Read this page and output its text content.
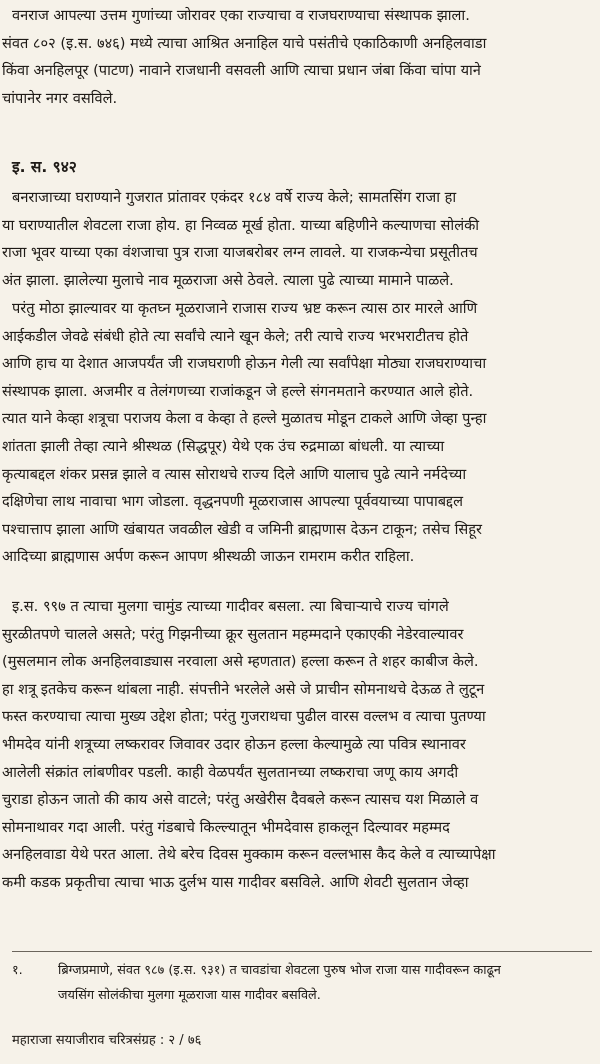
वनराज आपल्या उत्तम गुणांच्या जोरावर एका राज्याचा व राजघराण्याचा संस्थापक झाला.
संवत ८०२ (इ.स. ७४६) मध्ये त्याचा आश्रित अनाहिल याचे पसंतीचे एकाठिकाणी अनहिलवाडा
किंवा अनहिलपूर (पाटण) नावाने राजधानी वसवली आणि त्याचा प्रधान जंबा किंवा चांपा याने
चांपानेर नगर वसविले.
इ. स. ९४२
बनराजाच्या घराण्याने गुजरात प्रांतावर एकंदर १८४ वर्षे राज्य केले; सामतसिंग राजा हा
या घराण्यातील शेवटला राजा होय. हा निव्वळ मूर्ख होता. याच्या बहिणीने कल्याणचा सोलंकी
राजा भूवर याच्या एका वंशजाचा पुत्र राजा याजबरोबर लग्न लावले. या राजकन्येचा प्रसूतीतच
अंत झाला. झालेल्या मुलाचे नाव मूळराजा असे ठेवले. त्याला पुढे त्याच्या मामाने पाळले.
परंतु मोठा झाल्यावर या कृतघ्न मूळराजाने राजास राज्य भ्रष्ट करून त्यास ठार मारले आणि
आईकडील जेवढे संबंधी होते त्या सर्वांचे त्याने खून केले; तरी त्याचे राज्य भरभराटीतच होते
आणि हाच या देशात आजपर्यंत जी राजघराणी होऊन गेली त्या सर्वांपेक्षा मोठ्या राजघराण्याचा
संस्थापक झाला. अजमीर व तेलंगणच्या राजांकडून जे हल्ले संगनमताने करण्यात आले होते.
त्यात याने केव्हा शत्रूचा पराजय केला व केव्हा ते हल्ले मुळातच मोडून टाकले आणि जेव्हा पुन्हा
शांतता झाली तेव्हा त्याने श्रीस्थळ (सिद्धपूर) येथे एक उंच रुद्रमाळा बांधली. या त्याच्या
कृत्याबद्दल शंकर प्रसन्न झाले व त्यास सोराथचे राज्य दिले आणि यालाच पुढे त्याने नर्मदेच्या
दक्षिणेचा लाथ नावाचा भाग जोडला. वृद्धनपणी मूळराजास आपल्या पूर्ववयाच्या पापाबद्दल
पश्चात्ताप झाला आणि खंबायत जवळील खेडी व जमिनी ब्राह्मणास देऊन टाकून; तसेच सिहूर
आदिच्या ब्राह्मणास अर्पण करून आपण श्रीस्थळी जाऊन रामराम करीत राहिला.
इ.स. ९९७ त त्याचा मुलगा चामुंड त्याच्या गादीवर बसला. त्या बिचाऱ्याचे राज्य चांगले
सुरळीतपणे चालले असते; परंतु गिझनीच्या क्रूर सुलतान महम्मदाने एकाएकी नेडेरवाल्यावर
(मुसलमान लोक अनहिलवाड्यास नरवाला असे म्हणतात) हल्ला करून ते शहर काबीज केले.
हा शत्रू इतकेच करून थांबला नाही. संपत्तीने भरलेले असे जे प्राचीन सोमनाथचे देऊळ ते लुटून
फस्त करण्याचा त्याचा मुख्य उद्देश होता; परंतु गुजराथचा पुढील वारस वल्लभ व त्याचा पुतण्या
भीमदेव यांनी शत्रूच्या लष्करावर जिवावर उदार होऊन हल्ला केल्यामुळे त्या पवित्र स्थानावर
आलेली संक्रांत लांबणीवर पडली. काही वेळपर्यंत सुलतानच्या लष्कराचा जणू काय अगदी
चुराडा होऊन जातो की काय असे वाटले; परंतु अखेरीस दैवबले करून त्यासच यश मिळाले व
सोमनाथावर गदा आली. परंतु गंडबाचे किल्ल्यातून भीमदेवास हाकलून दिल्यावर महम्मद
अनहिलवाडा येथे परत आला. तेथे बरेच दिवस मुक्काम करून वल्लभास कैद केले व त्याच्यापेक्षा
कमी कडक प्रकृतीचा त्याचा भाऊ दुर्लभ यास गादीवर बसविले. आणि शेवटी सुलतान जेव्हा
१.	ब्रिग्जप्रमाणे, संवत ९८७ (इ.स. ९३१) त चावडांचा शेवटला पुरुष भोज राजा यास गादीवरून काढून
जयसिंग सोलंकीचा मुलगा मूळराजा यास गादीवर बसविले.
महाराजा सयाजीराव चरित्रसंग्रह : २ / ७६
